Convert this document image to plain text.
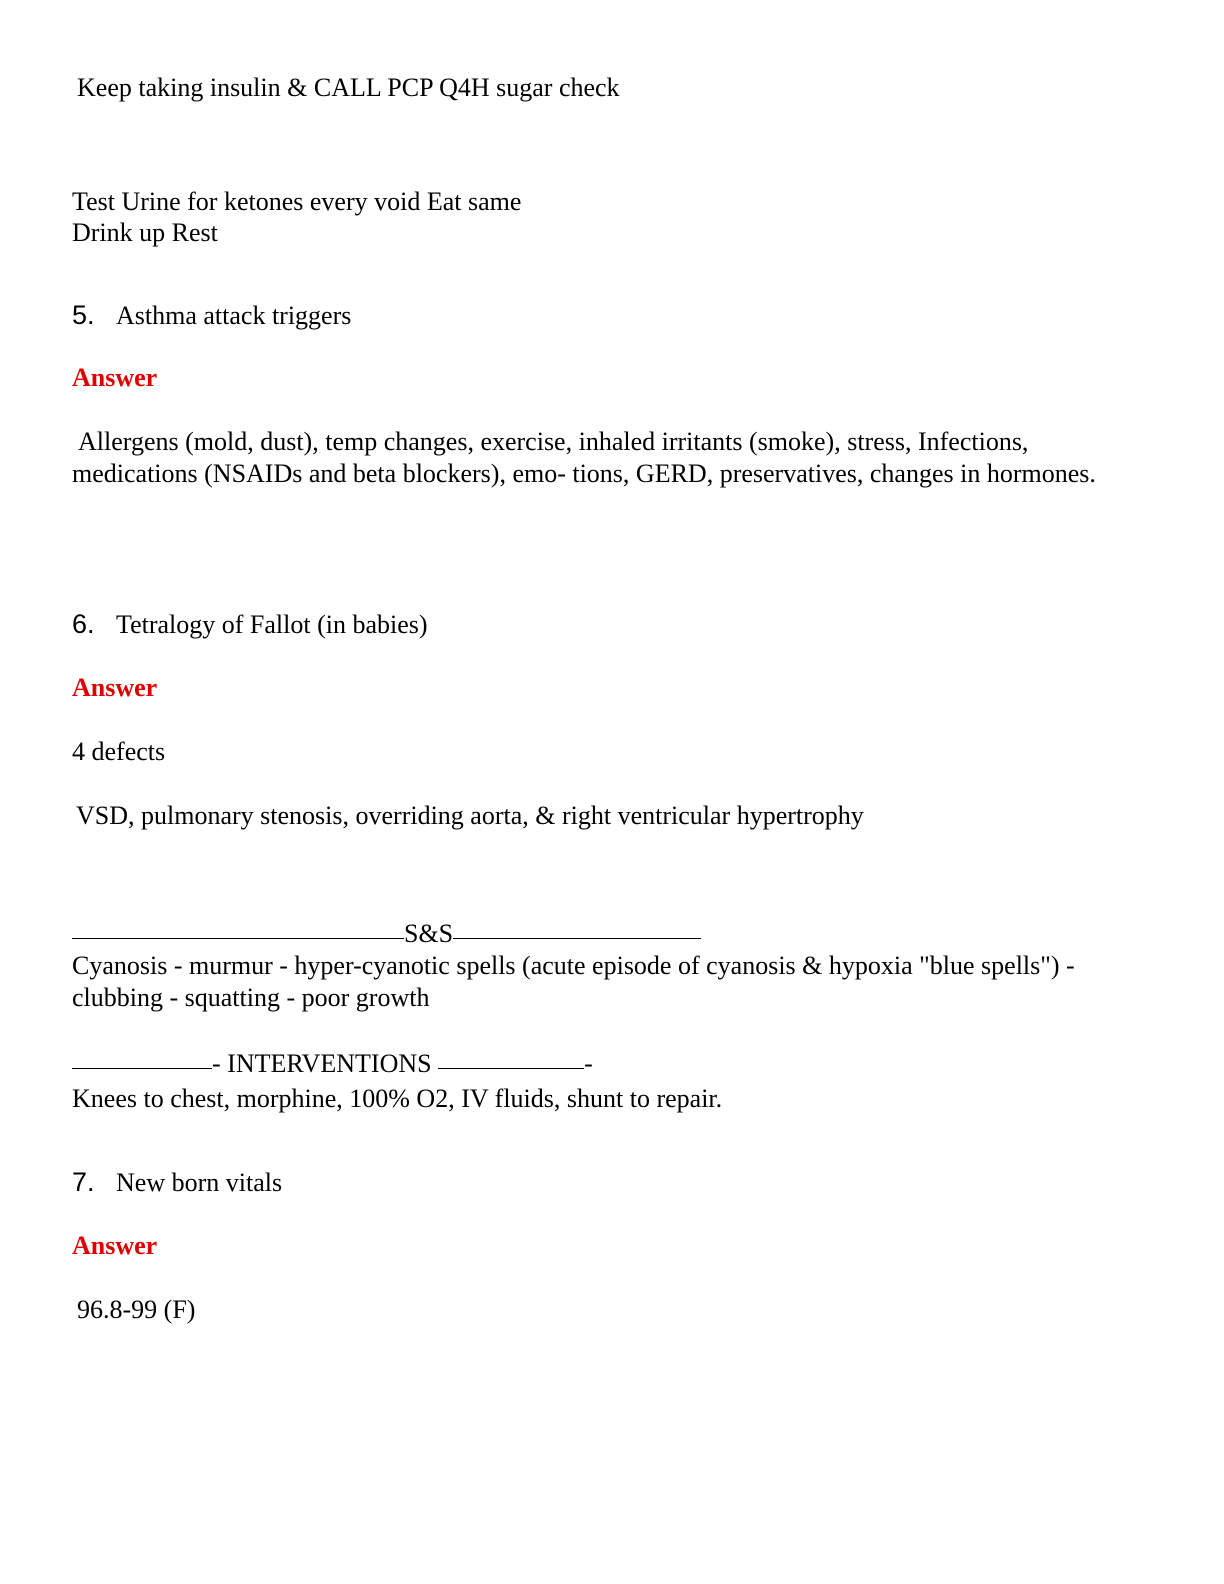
Keep taking insulin & CALL PCP Q4H sugar check
Test Urine for ketones every void Eat same
Drink up Rest
5. Asthma attack triggers
Answer
Allergens (mold, dust), temp changes, exercise, inhaled irritants (smoke), stress, Infections, medications (NSAIDs and beta blockers), emo- tions, GERD, preservatives, changes in hormones.
6. Tetralogy of Fallot (in babies)
Answer
4 defects
VSD, pulmonary stenosis, overriding aorta, & right ventricular hypertrophy
S&S
Cyanosis - murmur - hyper-cyanotic spells (acute episode of cyanosis & hypoxia "blue spells") - clubbing - squatting - poor growth
- INTERVENTIONS	-
Knees to chest, morphine, 100% O2, IV fluids, shunt to repair.
7. New born vitals
Answer
96.8-99 (F)
